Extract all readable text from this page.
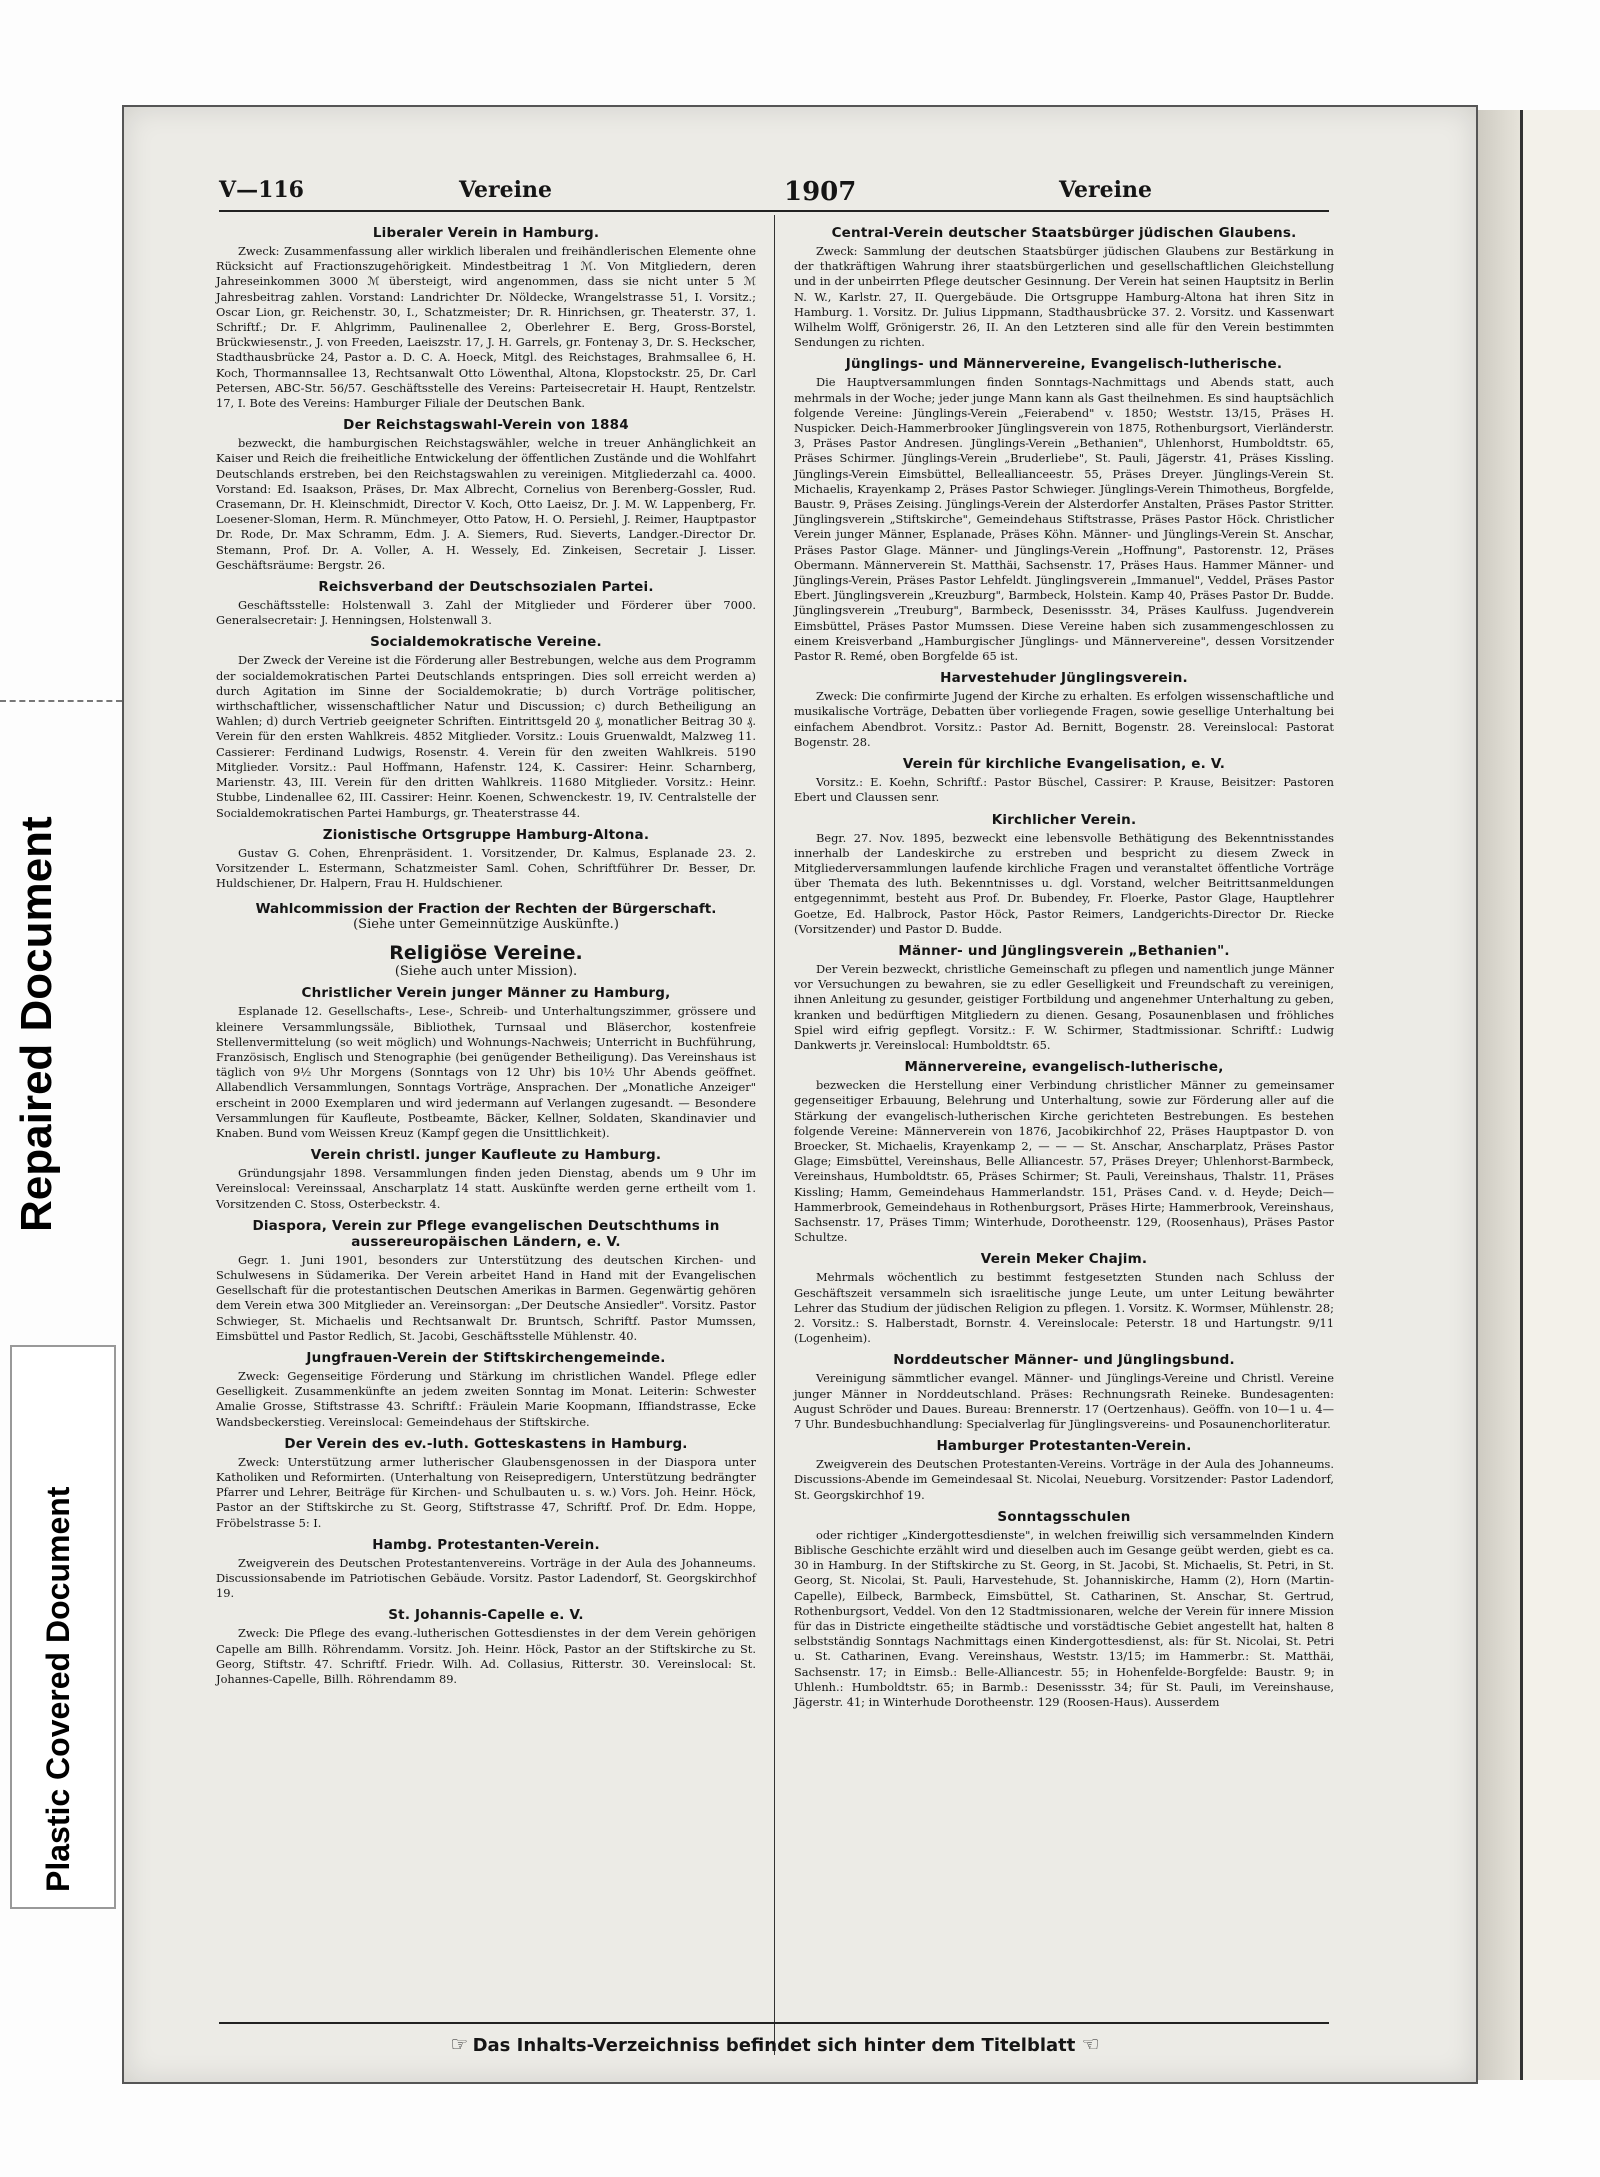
Repaired Document
Plastic Covered Document
V—116	Vereine	1907	Vereine
Liberaler Verein in Hamburg.

Zweck: Zusammenfassung aller wirklich liberalen und freihändlerischen Elemente ohne Rücksicht auf Fractionszugehörigkeit. Mindestbeitrag 1 ℳ. Von Mitgliedern, deren Jahreseinkommen 3000 ℳ übersteigt, wird angenommen, dass sie nicht unter 5 ℳ Jahresbeitrag zahlen. Vorstand: Landrichter Dr. Nöldecke, Wrangelstrasse 51, I. Vorsitz.; Oscar Lion, gr. Reichenstr. 30, I., Schatzmeister; Dr. R. Hinrichsen, gr. Theaterstr. 37, 1. Schriftf.; Dr. F. Ahlgrimm, Paulinenallee 2, Oberlehrer E. Berg, Gross-Borstel, Brückwiesenstr., J. von Freeden, Laeiszstr. 17, J. H. Garrels, gr. Fontenay 3, Dr. S. Heckscher, Stadthausbrücke 24, Pastor a. D. C. A. Hoeck, Mitgl. des Reichstages, Brahmsallee 6, H. Koch, Thormannsallee 13, Rechtsanwalt Otto Löwenthal, Altona, Klopstockstr. 25, Dr. Carl Petersen, ABC-Str. 56/57. Geschäftsstelle des Vereins: Parteisecretair H. Haupt, Rentzelstr. 17, I. Bote des Vereins: Hamburger Filiale der Deutschen Bank.

Der Reichstagswahl-Verein von 1884

bezweckt, die hamburgischen Reichstagswähler, welche in treuer Anhänglichkeit an Kaiser und Reich die freiheitliche Entwickelung der öffentlichen Zustände und die Wohlfahrt Deutschlands erstreben, bei den Reichstagswahlen zu vereinigen. Mitgliederzahl ca. 4000. Vorstand: Ed. Isaakson, Präses, Dr. Max Albrecht, Cornelius von Berenberg-Gossler, Rud. Crasemann, Dr. H. Kleinschmidt, Director V. Koch, Otto Laeisz, Dr. J. M. W. Lappenberg, Fr. Loesener-Sloman, Herm. R. Münchmeyer, Otto Patow, H. O. Persiehl, J. Reimer, Hauptpastor Dr. Rode, Dr. Max Schramm, Edm. J. A. Siemers, Rud. Sieverts, Landger.-Director Dr. Stemann, Prof. Dr. A. Voller, A. H. Wessely, Ed. Zinkeisen, Secretair J. Lisser. Geschäftsräume: Bergstr. 26.

Reichsverband der Deutschsozialen Partei.

Geschäftsstelle: Holstenwall 3. Zahl der Mitglieder und Förderer über 7000. Generalsecretair: J. Henningsen, Holstenwall 3.

Socialdemokratische Vereine.

Der Zweck der Vereine ist die Förderung aller Bestrebungen, welche aus dem Programm der socialdemokratischen Partei Deutschlands entspringen. Dies soll erreicht werden a) durch Agitation im Sinne der Socialdemokratie; b) durch Vorträge politischer, wirthschaftlicher, wissenschaftlicher Natur und Discussion; c) durch Betheiligung an Wahlen; d) durch Vertrieb geeigneter Schriften. Eintrittsgeld 20 ₰, monatlicher Beitrag 30 ₰. Verein für den ersten Wahlkreis. 4852 Mitglieder. Vorsitz.: Louis Gruenwaldt, Malzweg 11. Cassierer: Ferdinand Ludwigs, Rosenstr. 4. Verein für den zweiten Wahlkreis. 5190 Mitglieder. Vorsitz.: Paul Hoffmann, Hafenstr. 124, K. Cassirer: Heinr. Scharnberg, Marienstr. 43, III. Verein für den dritten Wahlkreis. 11680 Mitglieder. Vorsitz.: Heinr. Stubbe, Lindenallee 62, III. Cassirer: Heinr. Koenen, Schwenckestr. 19, IV. Centralstelle der Socialdemokratischen Partei Hamburgs, gr. Theaterstrasse 44.

Zionistische Ortsgruppe Hamburg-Altona.

Gustav G. Cohen, Ehrenpräsident. 1. Vorsitzender, Dr. Kalmus, Esplanade 23. 2. Vorsitzender L. Estermann, Schatzmeister Saml. Cohen, Schriftführer Dr. Besser, Dr. Huldschiener, Dr. Halpern, Frau H. Huldschiener.

Wahlcommission der Fraction der Rechten der Bürgerschaft.
(Siehe unter Gemeinnützige Auskünfte.)
Religiöse Vereine.
(Siehe auch unter Mission).
Christlicher Verein junger Männer zu Hamburg,

Esplanade 12. Gesellschafts-, Lese-, Schreib- und Unterhaltungszimmer, grössere und kleinere Versammlungssäle, Bibliothek, Turnsaal und Bläserchor, kostenfreie Stellenvermittelung (so weit möglich) und Wohnungs-Nachweis; Unterricht in Buchführung, Französisch, Englisch und Stenographie (bei genügender Betheiligung). Das Vereinshaus ist täglich von 9½ Uhr Morgens (Sonntags von 12 Uhr) bis 10½ Uhr Abends geöffnet. Allabendlich Versammlungen, Sonntags Vorträge, Ansprachen. Der „Monatliche Anzeiger" erscheint in 2000 Exemplaren und wird jedermann auf Verlangen zugesandt. — Besondere Versammlungen für Kaufleute, Postbeamte, Bäcker, Kellner, Soldaten, Skandinavier und Knaben. Bund vom Weissen Kreuz (Kampf gegen die Unsittlichkeit).

Verein christl. junger Kaufleute zu Hamburg.

Gründungsjahr 1898. Versammlungen finden jeden Dienstag, abends um 9 Uhr im Vereinslocal: Vereinssaal, Anscharplatz 14 statt. Auskünfte werden gerne ertheilt vom 1. Vorsitzenden C. Stoss, Osterbeckstr. 4.

Diaspora, Verein zur Pflege evangelischen Deutschthums in aussereuropäischen Ländern, e. V.

Gegr. 1. Juni 1901, besonders zur Unterstützung des deutschen Kirchen- und Schulwesens in Südamerika. Der Verein arbeitet Hand in Hand mit der Evangelischen Gesellschaft für die protestantischen Deutschen Amerikas in Barmen. Gegenwärtig gehören dem Verein etwa 300 Mitglieder an. Vereinsorgan: „Der Deutsche Ansiedler". Vorsitz. Pastor Schwieger, St. Michaelis und Rechtsanwalt Dr. Bruntsch, Schriftf. Pastor Mumssen, Eimsbüttel und Pastor Redlich, St. Jacobi, Geschäftsstelle Mühlenstr. 40.

Jungfrauen-Verein der Stiftskirchengemeinde.

Zweck: Gegenseitige Förderung und Stärkung im christlichen Wandel. Pflege edler Geselligkeit. Zusammenkünfte an jedem zweiten Sonntag im Monat. Leiterin: Schwester Amalie Grosse, Stiftstrasse 43. Schriftf.: Fräulein Marie Koopmann, Iffiandstrasse, Ecke Wandsbeckerstieg. Vereinslocal: Gemeindehaus der Stiftskirche.

Der Verein des ev.-luth. Gotteskastens in Hamburg.

Zweck: Unterstützung armer lutherischer Glaubensgenossen in der Diaspora unter Katholiken und Reformirten. (Unterhaltung von Reisepredigern, Unterstützung bedrängter Pfarrer und Lehrer, Beiträge für Kirchen- und Schulbauten u. s. w.) Vors. Joh. Heinr. Höck, Pastor an der Stiftskirche zu St. Georg, Stiftstrasse 47, Schriftf. Prof. Dr. Edm. Hoppe, Fröbelstrasse 5: I.

Hambg. Protestanten-Verein.

Zweigverein des Deutschen Protestantenvereins. Vorträge in der Aula des Johanneums. Discussionsabende im Patriotischen Gebäude. Vorsitz. Pastor Ladendorf, St. Georgskirchhof 19.

St. Johannis-Capelle e. V.

Zweck: Die Pflege des evang.-lutherischen Gottesdienstes in der dem Verein gehörigen Capelle am Billh. Röhrendamm. Vorsitz. Joh. Heinr. Höck, Pastor an der Stiftskirche zu St. Georg, Stiftstr. 47. Schriftf. Friedr. Wilh. Ad. Collasius, Ritterstr. 30. Vereinslocal: St. Johannes-Capelle, Billh. Röhrendamm 89.

Central-Verein deutscher Staatsbürger jüdischen Glaubens.

Zweck: Sammlung der deutschen Staatsbürger jüdischen Glaubens zur Bestärkung in der thatkräftigen Wahrung ihrer staatsbürgerlichen und gesellschaftlichen Gleichstellung und in der unbeirrten Pflege deutscher Gesinnung. Der Verein hat seinen Hauptsitz in Berlin N. W., Karlstr. 27, II. Quergebäude. Die Ortsgruppe Hamburg-Altona hat ihren Sitz in Hamburg. 1. Vorsitz. Dr. Julius Lippmann, Stadthausbrücke 37. 2. Vorsitz. und Kassenwart Wilhelm Wolff, Grönigerstr. 26, II. An den Letzteren sind alle für den Verein bestimmten Sendungen zu richten.

Jünglings- und Männervereine, Evangelisch-lutherische.

Die Hauptversammlungen finden Sonntags-Nachmittags und Abends statt, auch mehrmals in der Woche; jeder junge Mann kann als Gast theilnehmen. Es sind hauptsächlich folgende Vereine: Jünglings-Verein „Feierabend" v. 1850; Weststr. 13/15, Präses H. Nuspicker. Deich-Hammerbrooker Jünglingsverein von 1875, Rothenburgsort, Vierländerstr. 3, Präses Pastor Andresen. Jünglings-Verein „Bethanien", Uhlenhorst, Humboldtstr. 65, Präses Schirmer. Jünglings-Verein „Bruderliebe", St. Pauli, Jägerstr. 41, Präses Kissling. Jünglings-Verein Eimsbüttel, Belleallianceestr. 55, Präses Dreyer. Jünglings-Verein St. Michaelis, Krayenkamp 2, Präses Pastor Schwieger. Jünglings-Verein Thimotheus, Borgfelde, Baustr. 9, Präses Zeising. Jünglings-Verein der Alsterdorfer Anstalten, Präses Pastor Stritter. Jünglingsverein „Stiftskirche", Gemeindehaus Stiftstrasse, Präses Pastor Höck. Christlicher Verein junger Männer, Esplanade, Präses Köhn. Männer- und Jünglings-Verein St. Anschar, Präses Pastor Glage. Männer- und Jünglings-Verein „Hoffnung", Pastorenstr. 12, Präses Obermann. Männerverein St. Matthäi, Sachsenstr. 17, Präses Haus. Hammer Männer- und Jünglings-Verein, Präses Pastor Lehfeldt. Jünglingsverein „Immanuel", Veddel, Präses Pastor Ebert. Jünglingsverein „Kreuzburg", Barmbeck, Holstein. Kamp 40, Präses Pastor Dr. Budde. Jünglingsverein „Treuburg", Barmbeck, Desenissstr. 34, Präses Kaulfuss. Jugendverein Eimsbüttel, Präses Pastor Mumssen. Diese Vereine haben sich zusammengeschlossen zu einem Kreisverband „Hamburgischer Jünglings- und Männervereine", dessen Vorsitzender Pastor R. Remé, oben Borgfelde 65 ist.

Harvestehuder Jünglingsverein.

Zweck: Die confirmirte Jugend der Kirche zu erhalten. Es erfolgen wissenschaftliche und musikalische Vorträge, Debatten über vorliegende Fragen, sowie gesellige Unterhaltung bei einfachem Abendbrot. Vorsitz.: Pastor Ad. Bernitt, Bogenstr. 28. Vereinslocal: Pastorat Bogenstr. 28.

Verein für kirchliche Evangelisation, e. V.

Vorsitz.: E. Koehn, Schriftf.: Pastor Büschel, Cassirer: P. Krause, Beisitzer: Pastoren Ebert und Claussen senr.

Kirchlicher Verein.

Begr. 27. Nov. 1895, bezweckt eine lebensvolle Bethätigung des Bekenntnisstandes innerhalb der Landeskirche zu erstreben und bespricht zu diesem Zweck in Mitgliederversammlungen laufende kirchliche Fragen und veranstaltet öffentliche Vorträge über Themata des luth. Bekenntnisses u. dgl. Vorstand, welcher Beitrittsanmeldungen entgegennimmt, besteht aus Prof. Dr. Bubendey, Fr. Floerke, Pastor Glage, Hauptlehrer Goetze, Ed. Halbrock, Pastor Höck, Pastor Reimers, Landgerichts-Director Dr. Riecke (Vorsitzender) und Pastor D. Budde.

Männer- und Jünglingsverein „Bethanien".

Der Verein bezweckt, christliche Gemeinschaft zu pflegen und namentlich junge Männer vor Versuchungen zu bewahren, sie zu edler Geselligkeit und Freundschaft zu vereinigen, ihnen Anleitung zu gesunder, geistiger Fortbildung und angenehmer Unterhaltung zu geben, kranken und bedürftigen Mitgliedern zu dienen. Gesang, Posaunenblasen und fröhliches Spiel wird eifrig gepflegt. Vorsitz.: F. W. Schirmer, Stadtmissionar. Schriftf.: Ludwig Dankwerts jr. Vereinslocal: Humboldtstr. 65.

Männervereine, evangelisch-lutherische,

bezwecken die Herstellung einer Verbindung christlicher Männer zu gemeinsamer gegenseitiger Erbauung, Belehrung und Unterhaltung, sowie zur Förderung aller auf die Stärkung der evangelisch-lutherischen Kirche gerichteten Bestrebungen. Es bestehen folgende Vereine: Männerverein von 1876, Jacobikirchhof 22, Präses Hauptpastor D. von Broecker, St. Michaelis, Krayenkamp 2, — — — St. Anschar, Anscharplatz, Präses Pastor Glage; Eimsbüttel, Vereinshaus, Belle Alliancestr. 57, Präses Dreyer; Uhlenhorst-Barmbeck, Vereinshaus, Humboldtstr. 65, Präses Schirmer; St. Pauli, Vereinshaus, Thalstr. 11, Präses Kissling; Hamm, Gemeindehaus Hammerlandstr. 151, Präses Cand. v. d. Heyde; Deich—Hammerbrook, Gemeindehaus in Rothenburgsort, Präses Hirte; Hammerbrook, Vereinshaus, Sachsenstr. 17, Präses Timm; Winterhude, Dorotheenstr. 129, (Roosenhaus), Präses Pastor Schultze.

Verein Meker Chajim.

Mehrmals wöchentlich zu bestimmt festgesetzten Stunden nach Schluss der Geschäftszeit versammeln sich israelitische junge Leute, um unter Leitung bewährter Lehrer das Studium der jüdischen Religion zu pflegen. 1. Vorsitz. K. Wormser, Mühlenstr. 28; 2. Vorsitz.: S. Halberstadt, Bornstr. 4. Vereinslocale: Peterstr. 18 und Hartungstr. 9/11 (Logenheim).

Norddeutscher Männer- und Jünglingsbund.

Vereinigung sämmtlicher evangel. Männer- und Jünglings-Vereine und Christl. Vereine junger Männer in Norddeutschland. Präses: Rechnungsrath Reineke. Bundesagenten: August Schröder und Daues. Bureau: Brennerstr. 17 (Oertzenhaus). Geöffn. von 10—1 u. 4—7 Uhr. Bundesbuchhandlung: Specialverlag für Jünglingsvereins- und Posaunenchorliteratur.

Hamburger Protestanten-Verein.

Zweigverein des Deutschen Protestanten-Vereins. Vorträge in der Aula des Johanneums. Discussions-Abende im Gemeindesaal St. Nicolai, Neueburg. Vorsitzender: Pastor Ladendorf, St. Georgskirchhof 19.

Sonntagsschulen

oder richtiger „Kindergottesdienste", in welchen freiwillig sich versammelnden Kindern Biblische Geschichte erzählt wird und dieselben auch im Gesange geübt werden, giebt es ca. 30 in Hamburg. In der Stiftskirche zu St. Georg, in St. Jacobi, St. Michaelis, St. Petri, in St. Georg, St. Nicolai, St. Pauli, Harvestehude, St. Johanniskirche, Hamm (2), Horn (Martin-Capelle), Eilbeck, Barmbeck, Eimsbüttel, St. Catharinen, St. Anschar, St. Gertrud, Rothenburgsort, Veddel. Von den 12 Stadtmissionaren, welche der Verein für innere Mission für das in Districte eingetheilte städtische und vorstädtische Gebiet angestellt hat, halten 8 selbstständig Sonntags Nachmittags einen Kindergottesdienst, als: für St. Nicolai, St. Petri u. St. Catharinen, Evang. Vereinshaus, Weststr. 13/15; im Hammerbr.: St. Matthäi, Sachsenstr. 17; in Eimsb.: Belle-Alliancestr. 55; in Hohenfelde-Borgfelde: Baustr. 9; in Uhlenh.: Humboldtstr. 65; in Barmb.: Desenissstr. 34; für St. Pauli, im Vereinshause, Jägerstr. 41; in Winterhude Dorotheenstr. 129 (Roosen-Haus). Ausserdem

☞ Das Inhalts-Verzeichniss befindet sich hinter dem Titelblatt ☜
